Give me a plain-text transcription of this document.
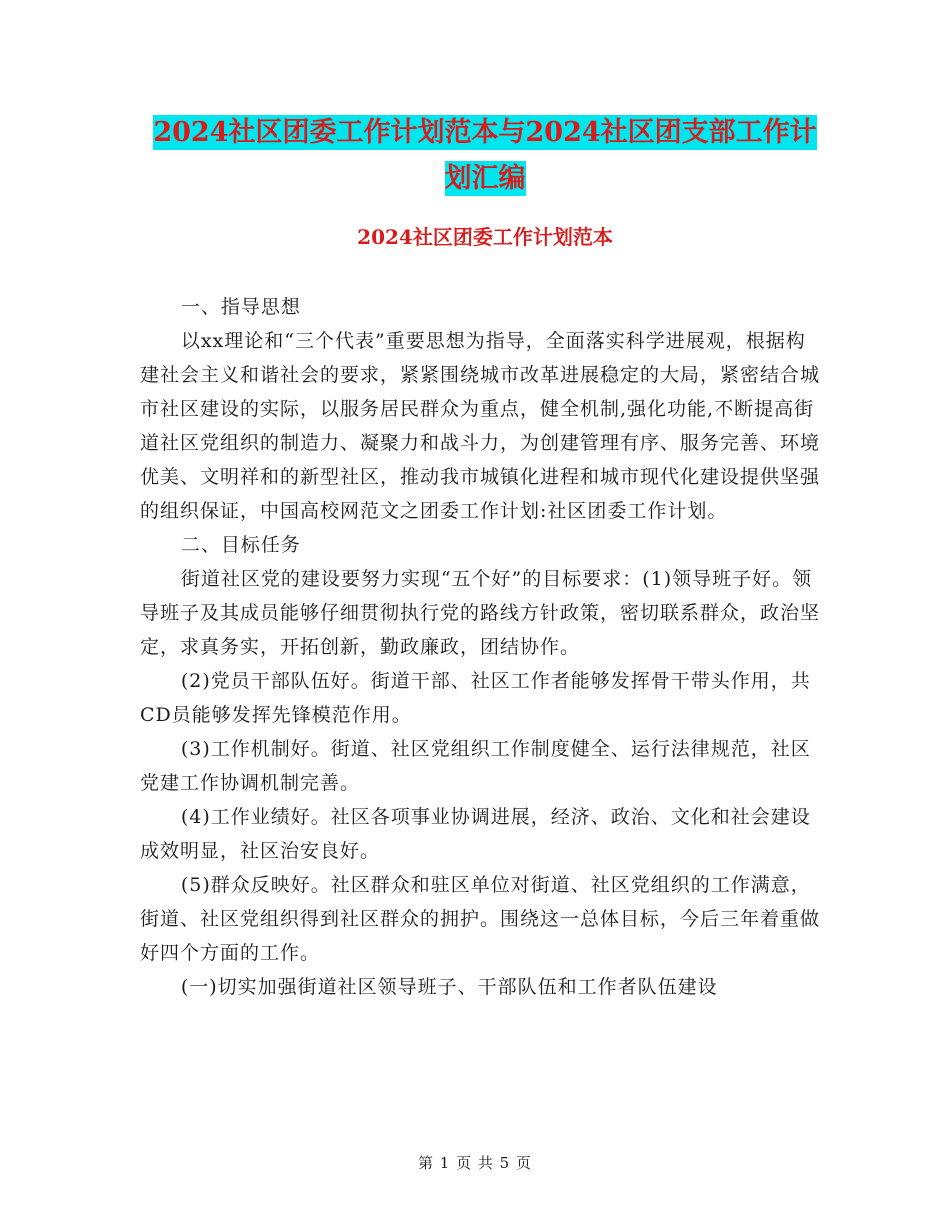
2024社区团委工作计划范本与2024社区团支部工作计划汇编
2024社区团委工作计划范本

一、指导思想

以xx理论和“三个代表”重要思想为指导，全面落实科学进展观，根据构建社会主义和谐社会的要求，紧紧围绕城市改革进展稳定的大局，紧密结合城市社区建设的实际，以服务居民群众为重点，健全机制,强化功能,不断提高街道社区党组织的制造力、凝聚力和战斗力，为创建管理有序、服务完善、环境优美、文明祥和的新型社区，推动我市城镇化进程和城市现代化建设提供坚强的组织保证，中国高校网范文之团委工作计划:社区团委工作计划。

二、目标任务

街道社区党的建设要努力实现“五个好”的目标要求：(1)领导班子好。领导班子及其成员能够仔细贯彻执行党的路线方针政策，密切联系群众，政治坚定，求真务实，开拓创新，勤政廉政，团结协作。

(2)党员干部队伍好。街道干部、社区工作者能够发挥骨干带头作用，共CD员能够发挥先锋模范作用。

(3)工作机制好。街道、社区党组织工作制度健全、运行法律规范，社区党建工作协调机制完善。

(4)工作业绩好。社区各项事业协调进展，经济、政治、文化和社会建设成效明显，社区治安良好。

(5)群众反映好。社区群众和驻区单位对街道、社区党组织的工作满意，街道、社区党组织得到社区群众的拥护。围绕这一总体目标，今后三年着重做好四个方面的工作。

(一)切实加强街道社区领导班子、干部队伍和工作者队伍建设

第 1 页 共 5 页
